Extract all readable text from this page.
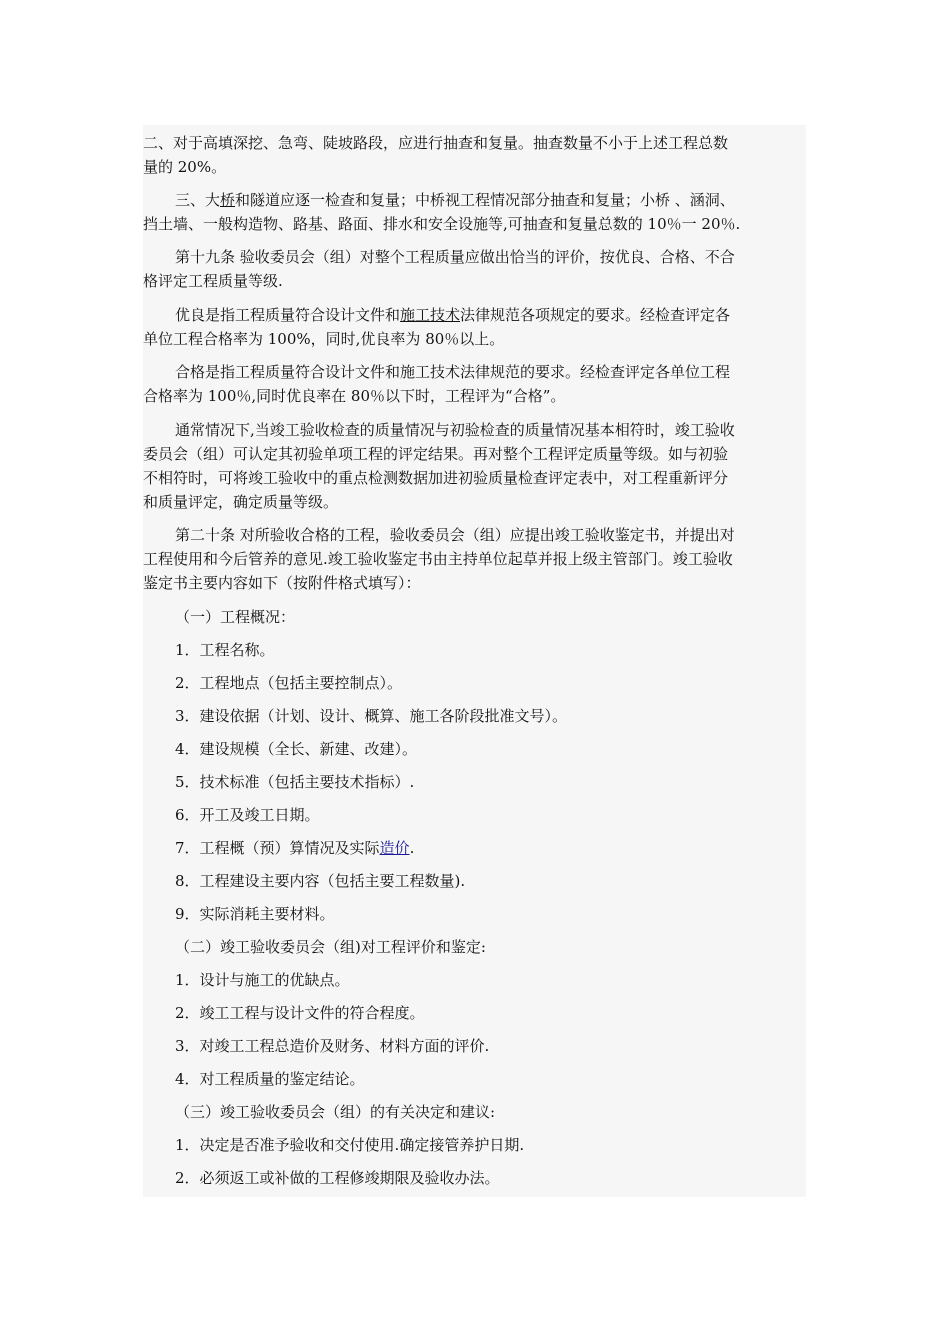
二、对于高填深挖、急弯、陡坡路段，应进行抽查和复量。抽查数量不小于上述工程总数
量的 20%。
三、大桥和隧道应逐一检查和复量；中桥视工程情况部分抽查和复量；小桥 、涵洞、
挡土墙、一般构造物、路基、路面、排水和安全设施等,可抽查和复量总数的 10％一 20％.
第十九条 验收委员会（组）对整个工程质量应做出恰当的评价，按优良、合格、不合
格评定工程质量等级.
优良是指工程质量符合设计文件和施工技术法律规范各项规定的要求。经检查评定各
单位工程合格率为 100%，同时,优良率为 80％以上。
合格是指工程质量符合设计文件和施工技术法律规范的要求。经检查评定各单位工程
合格率为 100％,同时优良率在 80％以下时，工程评为“合格”。
通常情况下,当竣工验收检查的质量情况与初验检查的质量情况基本相符时，竣工验收
委员会（组）可认定其初验单项工程的评定结果。再对整个工程评定质量等级。如与初验
不相符时，可将竣工验收中的重点检测数据加进初验质量检查评定表中，对工程重新评分
和质量评定，确定质量等级。
第二十条 对所验收合格的工程，验收委员会（组）应提出竣工验收鉴定书，并提出对
工程使用和今后管养的意见.竣工验收鉴定书由主持单位起草并报上级主管部门。竣工验收
鉴定书主要内容如下（按附件格式填写）：
（一）工程概况：
1．工程名称。
2．工程地点（包括主要控制点）。
3．建设依据（计划、设计、概算、施工各阶段批准文号）。
4．建设规模（全长、新建、改建）。
5．技术标准（包括主要技术指标）.
6．开工及竣工日期。
7．工程概（预）算情况及实际造价.
8．工程建设主要内容（包括主要工程数量).
9．实际消耗主要材料。
（二）竣工验收委员会（组)对工程评价和鉴定:
1．设计与施工的优缺点。
2．竣工工程与设计文件的符合程度。
3．对竣工工程总造价及财务、材料方面的评价.
4．对工程质量的鉴定结论。
（三）竣工验收委员会（组）的有关决定和建议:
1．决定是否准予验收和交付使用.确定接管养护日期.
2．必须返工或补做的工程修竣期限及验收办法。
